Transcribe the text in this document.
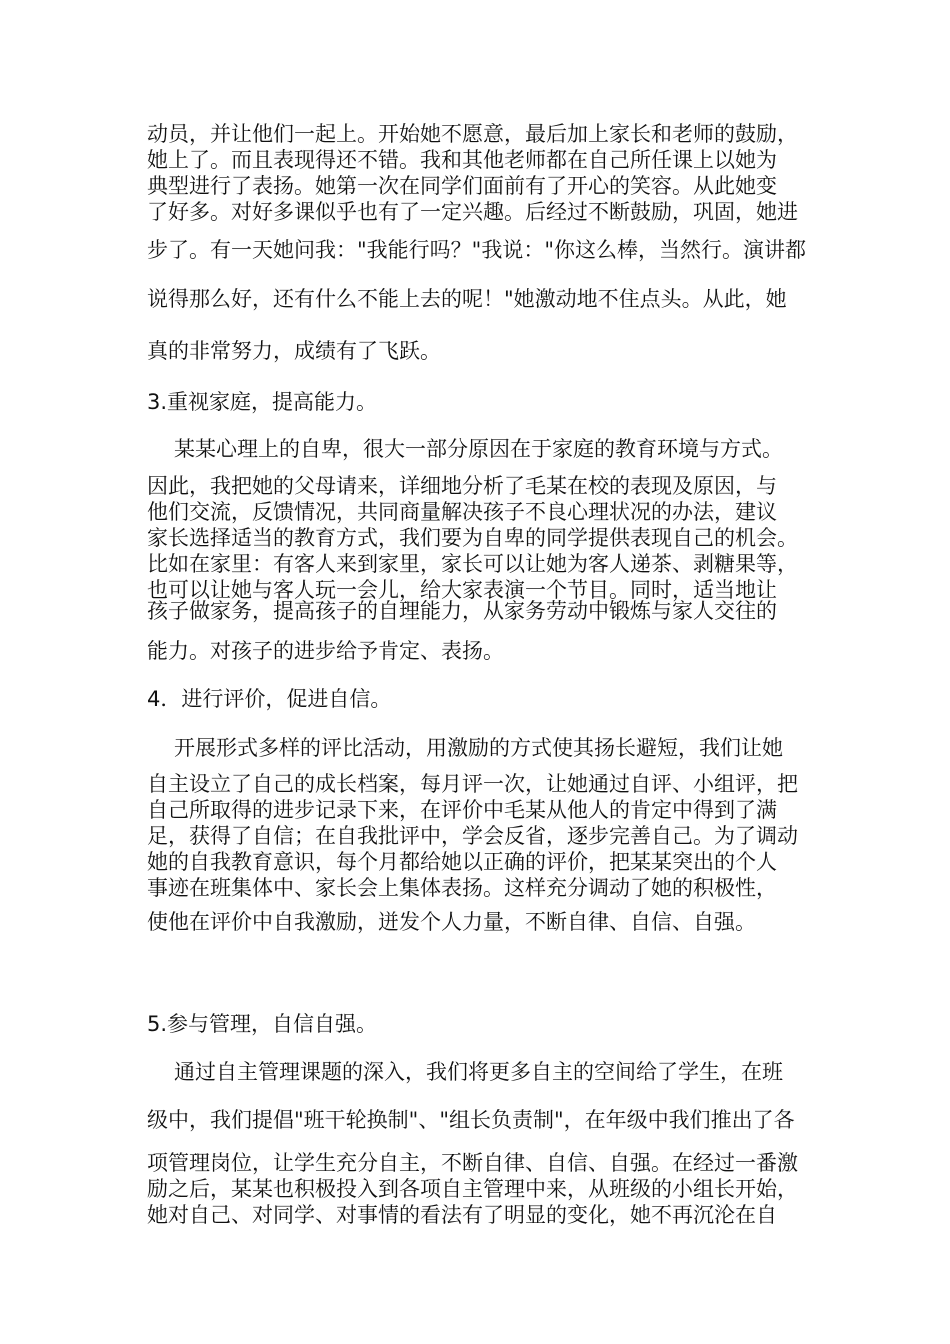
动员，并让他们一起上。开始她不愿意，最后加上家长和老师的鼓励，

她上了。而且表现得还不错。我和其他老师都在自己所任课上以她为

典型进行了表扬。她第一次在同学们面前有了开心的笑容。从此她变

了好多。对好多课似乎也有了一定兴趣。后经过不断鼓励，巩固，她进

步了。有一天她问我："我能行吗？"我说："你这么棒，当然行。演讲都

说得那么好，还有什么不能上去的呢！"她激动地不住点头。从此，她

真的非常努力，成绩有了飞跃。

3.重视家庭，提高能力。

某某心理上的自卑，很大一部分原因在于家庭的教育环境与方式。

因此，我把她的父母请来，详细地分析了毛某在校的表现及原因，与

他们交流，反馈情况，共同商量解决孩子不良心理状况的办法，建议

家长选择适当的教育方式，我们要为自卑的同学提供表现自己的机会。

比如在家里：有客人来到家里，家长可以让她为客人递茶、剥糖果等，

也可以让她与客人玩一会儿，给大家表演一个节目。同时，适当地让

孩子做家务，提高孩子的自理能力，从家务劳动中锻炼与家人交往的

能力。对孩子的进步给予肯定、表扬。

4．进行评价，促进自信。

开展形式多样的评比活动，用激励的方式使其扬长避短，我们让她

自主设立了自己的成长档案，每月评一次，让她通过自评、小组评，把

自己所取得的进步记录下来，在评价中毛某从他人的肯定中得到了满

足，获得了自信；在自我批评中，学会反省，逐步完善自己。为了调动

她的自我教育意识，每个月都给她以正确的评价，把某某突出的个人

事迹在班集体中、家长会上集体表扬。这样充分调动了她的积极性，

使他在评价中自我激励，迸发个人力量，不断自律、自信、自强。

5.参与管理，自信自强。

通过自主管理课题的深入，我们将更多自主的空间给了学生，在班

级中，我们提倡"班干轮换制"、"组长负责制"，在年级中我们推出了各

项管理岗位，让学生充分自主，不断自律、自信、自强。在经过一番激

励之后，某某也积极投入到各项自主管理中来，从班级的小组长开始，

她对自己、对同学、对事情的看法有了明显的变化，她不再沉沦在自
